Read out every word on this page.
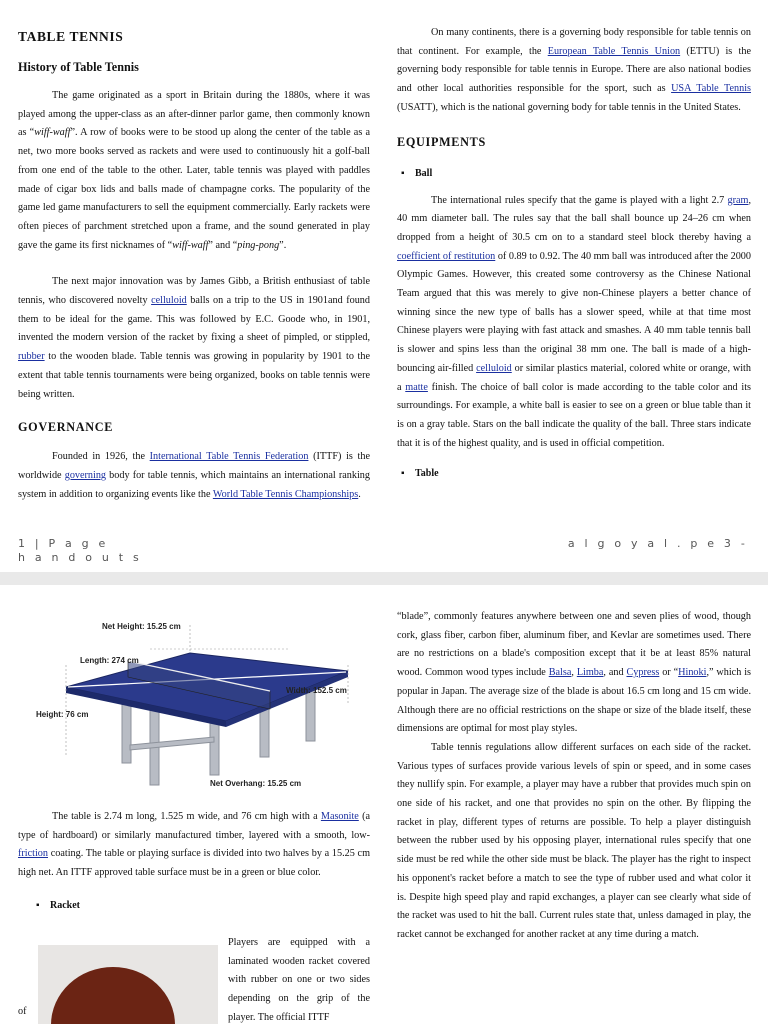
TABLE TENNIS
History of Table Tennis

The game originated as a sport in Britain during the 1880s, where it was played among the upper-class as an after-dinner parlor game, then commonly known as “wiff-waff”. A row of books were to be stood up along the center of the table as a net, two more books served as rackets and were used to continuously hit a golf-ball from one end of the table to the other. Later, table tennis was played with paddles made of cigar box lids and balls made of champagne corks. The popularity of the game led game manufacturers to sell the equipment commercially. Early rackets were often pieces of parchment stretched upon a frame, and the sound generated in play gave the game its first nicknames of “wiff-waff” and “ping-pong”.

The next major innovation was by James Gibb, a British enthusiast of table tennis, who discovered novelty celluloid balls on a trip to the US in 1901and found them to be ideal for the game. This was followed by E.C. Goode who, in 1901, invented the modern version of the racket by fixing a sheet of pimpled, or stippled, rubber to the wooden blade. Table tennis was growing in popularity by 1901 to the extent that table tennis tournaments were being organized, books on table tennis were being written.

GOVERNANCE

Founded in 1926, the International Table Tennis Federation (ITTF) is the worldwide governing body for table tennis, which maintains an international ranking system in addition to organizing events like the World Table Tennis Championships.

On many continents, there is a governing body responsible for table tennis on that continent. For example, the European Table Tennis Union (ETTU) is the governing body responsible for table tennis in Europe. There are also national bodies and other local authorities responsible for the sport, such as USA Table Tennis (USATT), which is the national governing body for table tennis in the United States.

EQUIPMENTS
▪ Ball

The international rules specify that the game is played with a light 2.7 gram, 40 mm diameter ball. The rules say that the ball shall bounce up 24–26 cm when dropped from a height of 30.5 cm on to a standard steel block thereby having a coefficient of restitution of 0.89 to 0.92. The 40 mm ball was introduced after the 2000 Olympic Games. However, this created some controversy as the Chinese National Team argued that this was merely to give non-Chinese players a better chance of winning since the new type of balls has a slower speed, while at that time most Chinese players were playing with fast attack and smashes. A 40 mm table tennis ball is slower and spins less than the original 38 mm one. The ball is made of a high-bouncing air-filled celluloid or similar plastics material, colored white or orange, with a matte finish. The choice of ball color is made according to the table color and its surroundings. For example, a white ball is easier to see on a green or blue table than it is on a gray table. Stars on the ball indicate the quality of the ball. Three stars indicate that it is of the highest quality, and is used in official competition.

▪ Table
1 | P a g e
h a n d o u t s
a l g o y a l . p e 3 -
Net Height: 15.25 cm
Length: 274 cm
Width: 152.5 cm
Height: 76 cm
Net Overhang: 15.25 cm

The table is 2.74 m long, 1.525 m wide, and 76 cm high with a Masonite (a type of hardboard) or similarly manufactured timber, layered with a smooth, low-friction coating. The table or playing surface is divided into two halves by a 15.25 cm high net. An ITTF approved table surface must be in a green or blue color.

▪ Racket
of

Players are equipped with a laminated wooden racket covered with rubber on one or two sides depending on the grip of the player. The official ITTF

“blade”, commonly features anywhere between one and seven plies of wood, though cork, glass fiber, carbon fiber, aluminum fiber, and Kevlar are sometimes used. There are no restrictions on a blade's composition except that it be at least 85% natural wood. Common wood types include Balsa, Limba, and Cypress or “Hinoki,” which is popular in Japan. The average size of the blade is about 16.5 cm long and 15 cm wide. Although there are no official restrictions on the shape or size of the blade itself, these dimensions are optimal for most play styles.

Table tennis regulations allow different surfaces on each side of the racket. Various types of surfaces provide various levels of spin or speed, and in some cases they nullify spin. For example, a player may have a rubber that provides much spin on one side of his racket, and one that provides no spin on the other. By flipping the racket in play, different types of returns are possible. To help a player distinguish between the rubber used by his opposing player, international rules specify that one side must be red while the other side must be black. The player has the right to inspect his opponent's racket before a match to see the type of rubber used and what color it is. Despite high speed play and rapid exchanges, a player can see clearly what side of the racket was used to hit the ball. Current rules state that, unless damaged in play, the racket cannot be exchanged for another racket at any time during a match.
